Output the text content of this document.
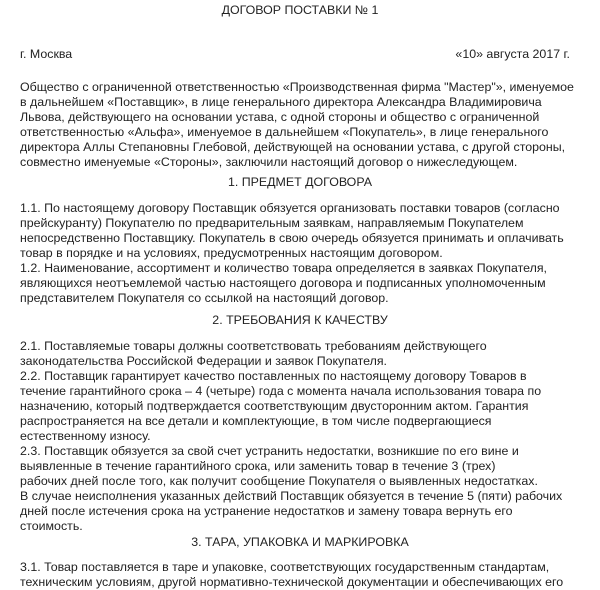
ДОГОВОР ПОСТАВКИ № 1
г. Москва	«10» августа 2017 г.
Общество с ограниченной ответственностью «Производственная фирма "Мастер"», именуемое
в дальнейшем «Поставщик», в лице генерального директора Александра Владимировича
Львова, действующего на основании устава, с одной стороны и общество с ограниченной
ответственностью «Альфа», именуемое в дальнейшем «Покупатель», в лице генерального
директора Аллы Степановны Глебовой, действующей на основании устава, с другой стороны,
совместно именуемые «Стороны», заключили настоящий договор о нижеследующем.
1. ПРЕДМЕТ ДОГОВОРА
1.1. По настоящему договору Поставщик обязуется организовать поставки товаров (согласно
прейскуранту) Покупателю по предварительным заявкам, направляемым Покупателем
непосредственно Поставщику. Покупатель в свою очередь обязуется принимать и оплачивать
товар в порядке и на условиях, предусмотренных настоящим договором.
1.2. Наименование, ассортимент и количество товара определяется в заявках Покупателя,
являющихся неотъемлемой частью настоящего договора и подписанных уполномоченным
представителем Покупателя со ссылкой на настоящий договор.
2. ТРЕБОВАНИЯ К КАЧЕСТВУ
2.1. Поставляемые товары должны соответствовать требованиям действующего
законодательства Российской Федерации и заявок Покупателя.
2.2. Поставщик гарантирует качество поставленных по настоящему договору Товаров в
течение гарантийного срока – 4 (четыре) года с момента начала использования товара по
назначению, который подтверждается соответствующим двусторонним актом. Гарантия
распространяется на все детали и комплектующие, в том числе подвергающиеся
естественному износу.
2.3. Поставщик обязуется за свой счет устранить недостатки, возникшие по его вине и
выявленные в течение гарантийного срока, или заменить товар в течение 3 (трех)
рабочих дней после того, как получит сообщение Покупателя о выявленных недостатках.
В случае неисполнения указанных действий Поставщик обязуется в течение 5 (пяти) рабочих
дней после истечения срока на устранение недостатков и замену товара вернуть его
стоимость.
3. ТАРА, УПАКОВКА И МАРКИРОВКА
3.1. Товар поставляется в таре и упаковке, соответствующих государственным стандартам,
техническим условиям, другой нормативно-технической документации и обеспечивающих его
